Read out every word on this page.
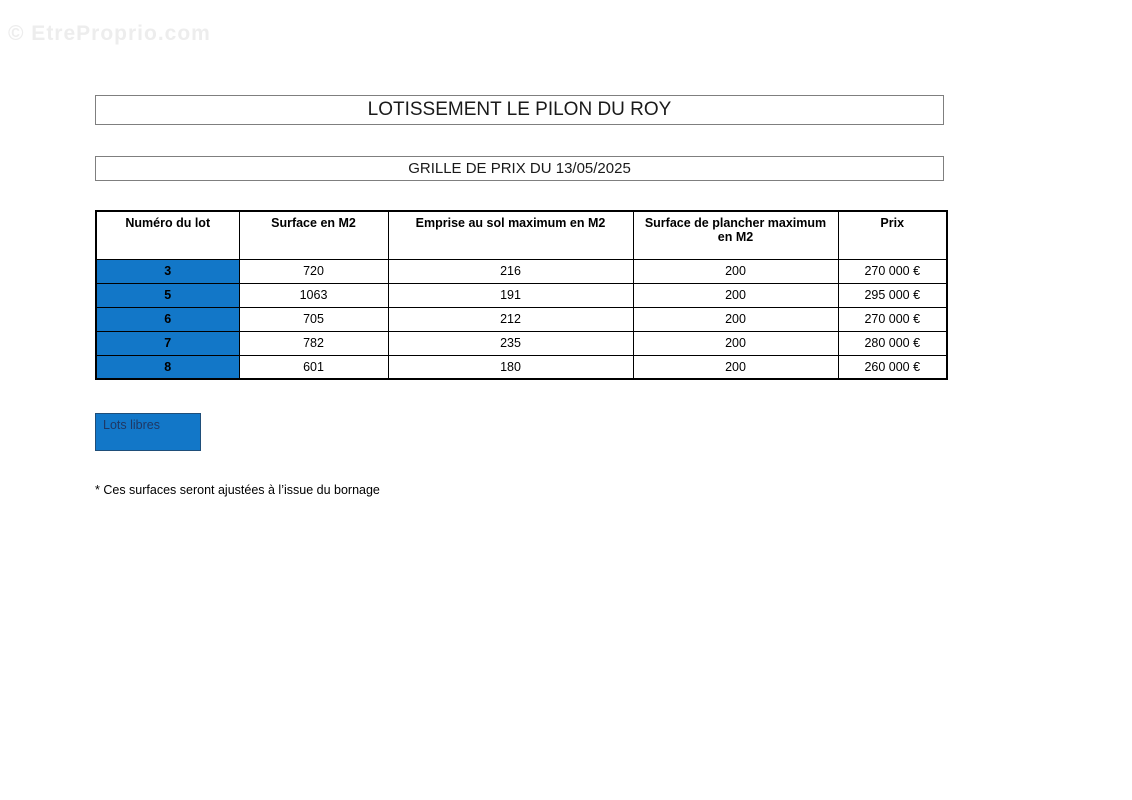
© EtreProprio.com
LOTISSEMENT LE PILON DU ROY
GRILLE DE PRIX DU 13/05/2025
Numéro du lot	Surface en M2	Emprise au sol maximum en M2	Surface de plancher maximum en M2	Prix
3	720	216	200	270 000 €
5	1063	191	200	295 000 €
6	705	212	200	270 000 €
7	782	235	200	280 000 €
8	601	180	200	260 000 €
Lots libres
* Ces surfaces seront ajustées à l’issue du bornage
